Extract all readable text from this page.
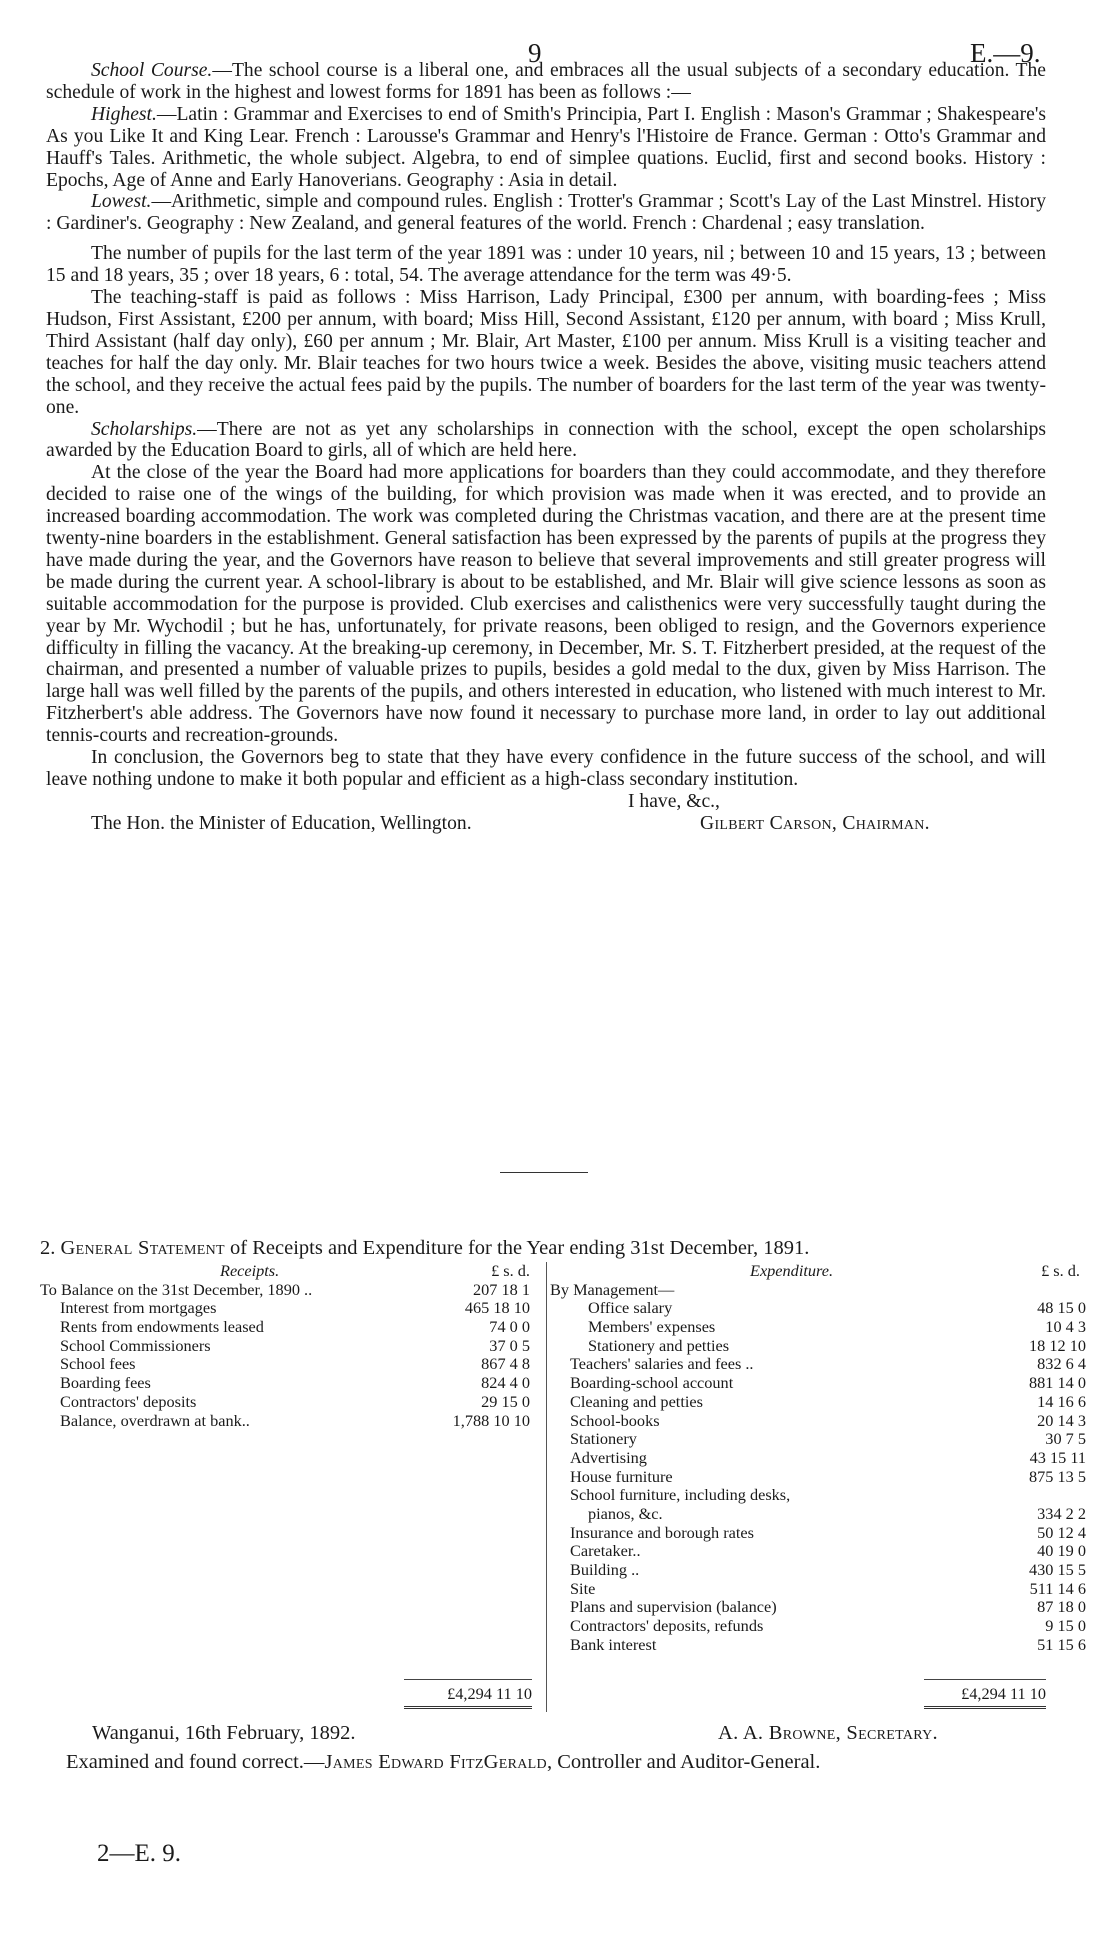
9	E.—9.

School Course.—The school course is a liberal one, and embraces all the usual subjects of a secondary education. The schedule of work in the highest and lowest forms for 1891 has been as follows :—

Highest.—Latin : Grammar and Exercises to end of Smith's Principia, Part I. English : Mason's Grammar ; Shakespeare's As you Like It and King Lear. French : Larousse's Grammar and Henry's l'Histoire de France. German : Otto's Grammar and Hauff's Tales. Arithmetic, the whole subject. Algebra, to end of simplee quations. Euclid, first and second books. History : Epochs, Age of Anne and Early Hanoverians. Geography : Asia in detail.

Lowest.—Arithmetic, simple and compound rules. English : Trotter's Grammar ; Scott's Lay of the Last Minstrel. History : Gardiner's. Geography : New Zealand, and general features of the world. French : Chardenal ; easy translation.

The number of pupils for the last term of the year 1891 was : under 10 years, nil ; between 10 and 15 years, 13 ; between 15 and 18 years, 35 ; over 18 years, 6 : total, 54. The average attendance for the term was 49·5.

The teaching-staff is paid as follows : Miss Harrison, Lady Principal, £300 per annum, with boarding-fees ; Miss Hudson, First Assistant, £200 per annum, with board; Miss Hill, Second Assistant, £120 per annum, with board ; Miss Krull, Third Assistant (half day only), £60 per annum ; Mr. Blair, Art Master, £100 per annum. Miss Krull is a visiting teacher and teaches for half the day only. Mr. Blair teaches for two hours twice a week. Besides the above, visiting music teachers attend the school, and they receive the actual fees paid by the pupils. The number of boarders for the last term of the year was twenty-one.

Scholarships.—There are not as yet any scholarships in connection with the school, except the open scholarships awarded by the Education Board to girls, all of which are held here.

At the close of the year the Board had more applications for boarders than they could accommodate, and they therefore decided to raise one of the wings of the building, for which provision was made when it was erected, and to provide an increased boarding accommodation. The work was completed during the Christmas vacation, and there are at the present time twenty-nine boarders in the establishment. General satisfaction has been expressed by the parents of pupils at the progress they have made during the year, and the Governors have reason to believe that several improvements and still greater progress will be made during the current year. A school-library is about to be established, and Mr. Blair will give science lessons as soon as suitable accommodation for the purpose is provided. Club exercises and calisthenics were very successfully taught during the year by Mr. Wychodil ; but he has, unfortunately, for private reasons, been obliged to resign, and the Governors experience difficulty in filling the vacancy. At the breaking-up ceremony, in December, Mr. S. T. Fitzherbert presided, at the request of the chairman, and presented a number of valuable prizes to pupils, besides a gold medal to the dux, given by Miss Harrison. The large hall was well filled by the parents of the pupils, and others interested in education, who listened with much interest to Mr. Fitzherbert's able address. The Governors have now found it necessary to purchase more land, in order to lay out additional tennis-courts and recreation-grounds.

In conclusion, the Governors beg to state that they have every confidence in the future success of the school, and will leave nothing undone to make it both popular and efficient as a high-class secondary institution.

I have, &c.,
The Hon. the Minister of Education, Wellington.	Gilbert Carson, Chairman.
2. General Statement of Receipts and Expenditure for the Year ending 31st December, 1891.
Receipts.	£ s. d.
To Balance on the 31st December, 1890 ..	207 18 1
Interest from mortgages	465 18 10
Rents from endowments leased	74 0 0
School Commissioners	37 0 5
School fees	867 4 8
Boarding fees	824 4 0
Contractors' deposits	29 15 0
Balance, overdrawn at bank..	1,788 10 10
Expenditure.	£ s. d.
By Management—
Office salary	48 15 0
Members' expenses	10 4 3
Stationery and petties	18 12 10
Teachers' salaries and fees ..	832 6 4
Boarding-school account	881 14 0
Cleaning and petties	14 16 6
School-books	20 14 3
Stationery	30 7 5
Advertising	43 15 11
House furniture	875 13 5
School furniture, including desks,
pianos, &c.	334 2 2
Insurance and borough rates	50 12 4
Caretaker..	40 19 0
Building ..	430 15 5
Site	511 14 6
Plans and supervision (balance)	87 18 0
Contractors' deposits, refunds	9 15 0
Bank interest	51 15 6
£4,294 11 10	£4,294 11 10
Wanganui, 16th February, 1892.	A. A. Browne, Secretary.
Examined and found correct.—James Edward FitzGerald, Controller and Auditor-General.
2—E. 9.
